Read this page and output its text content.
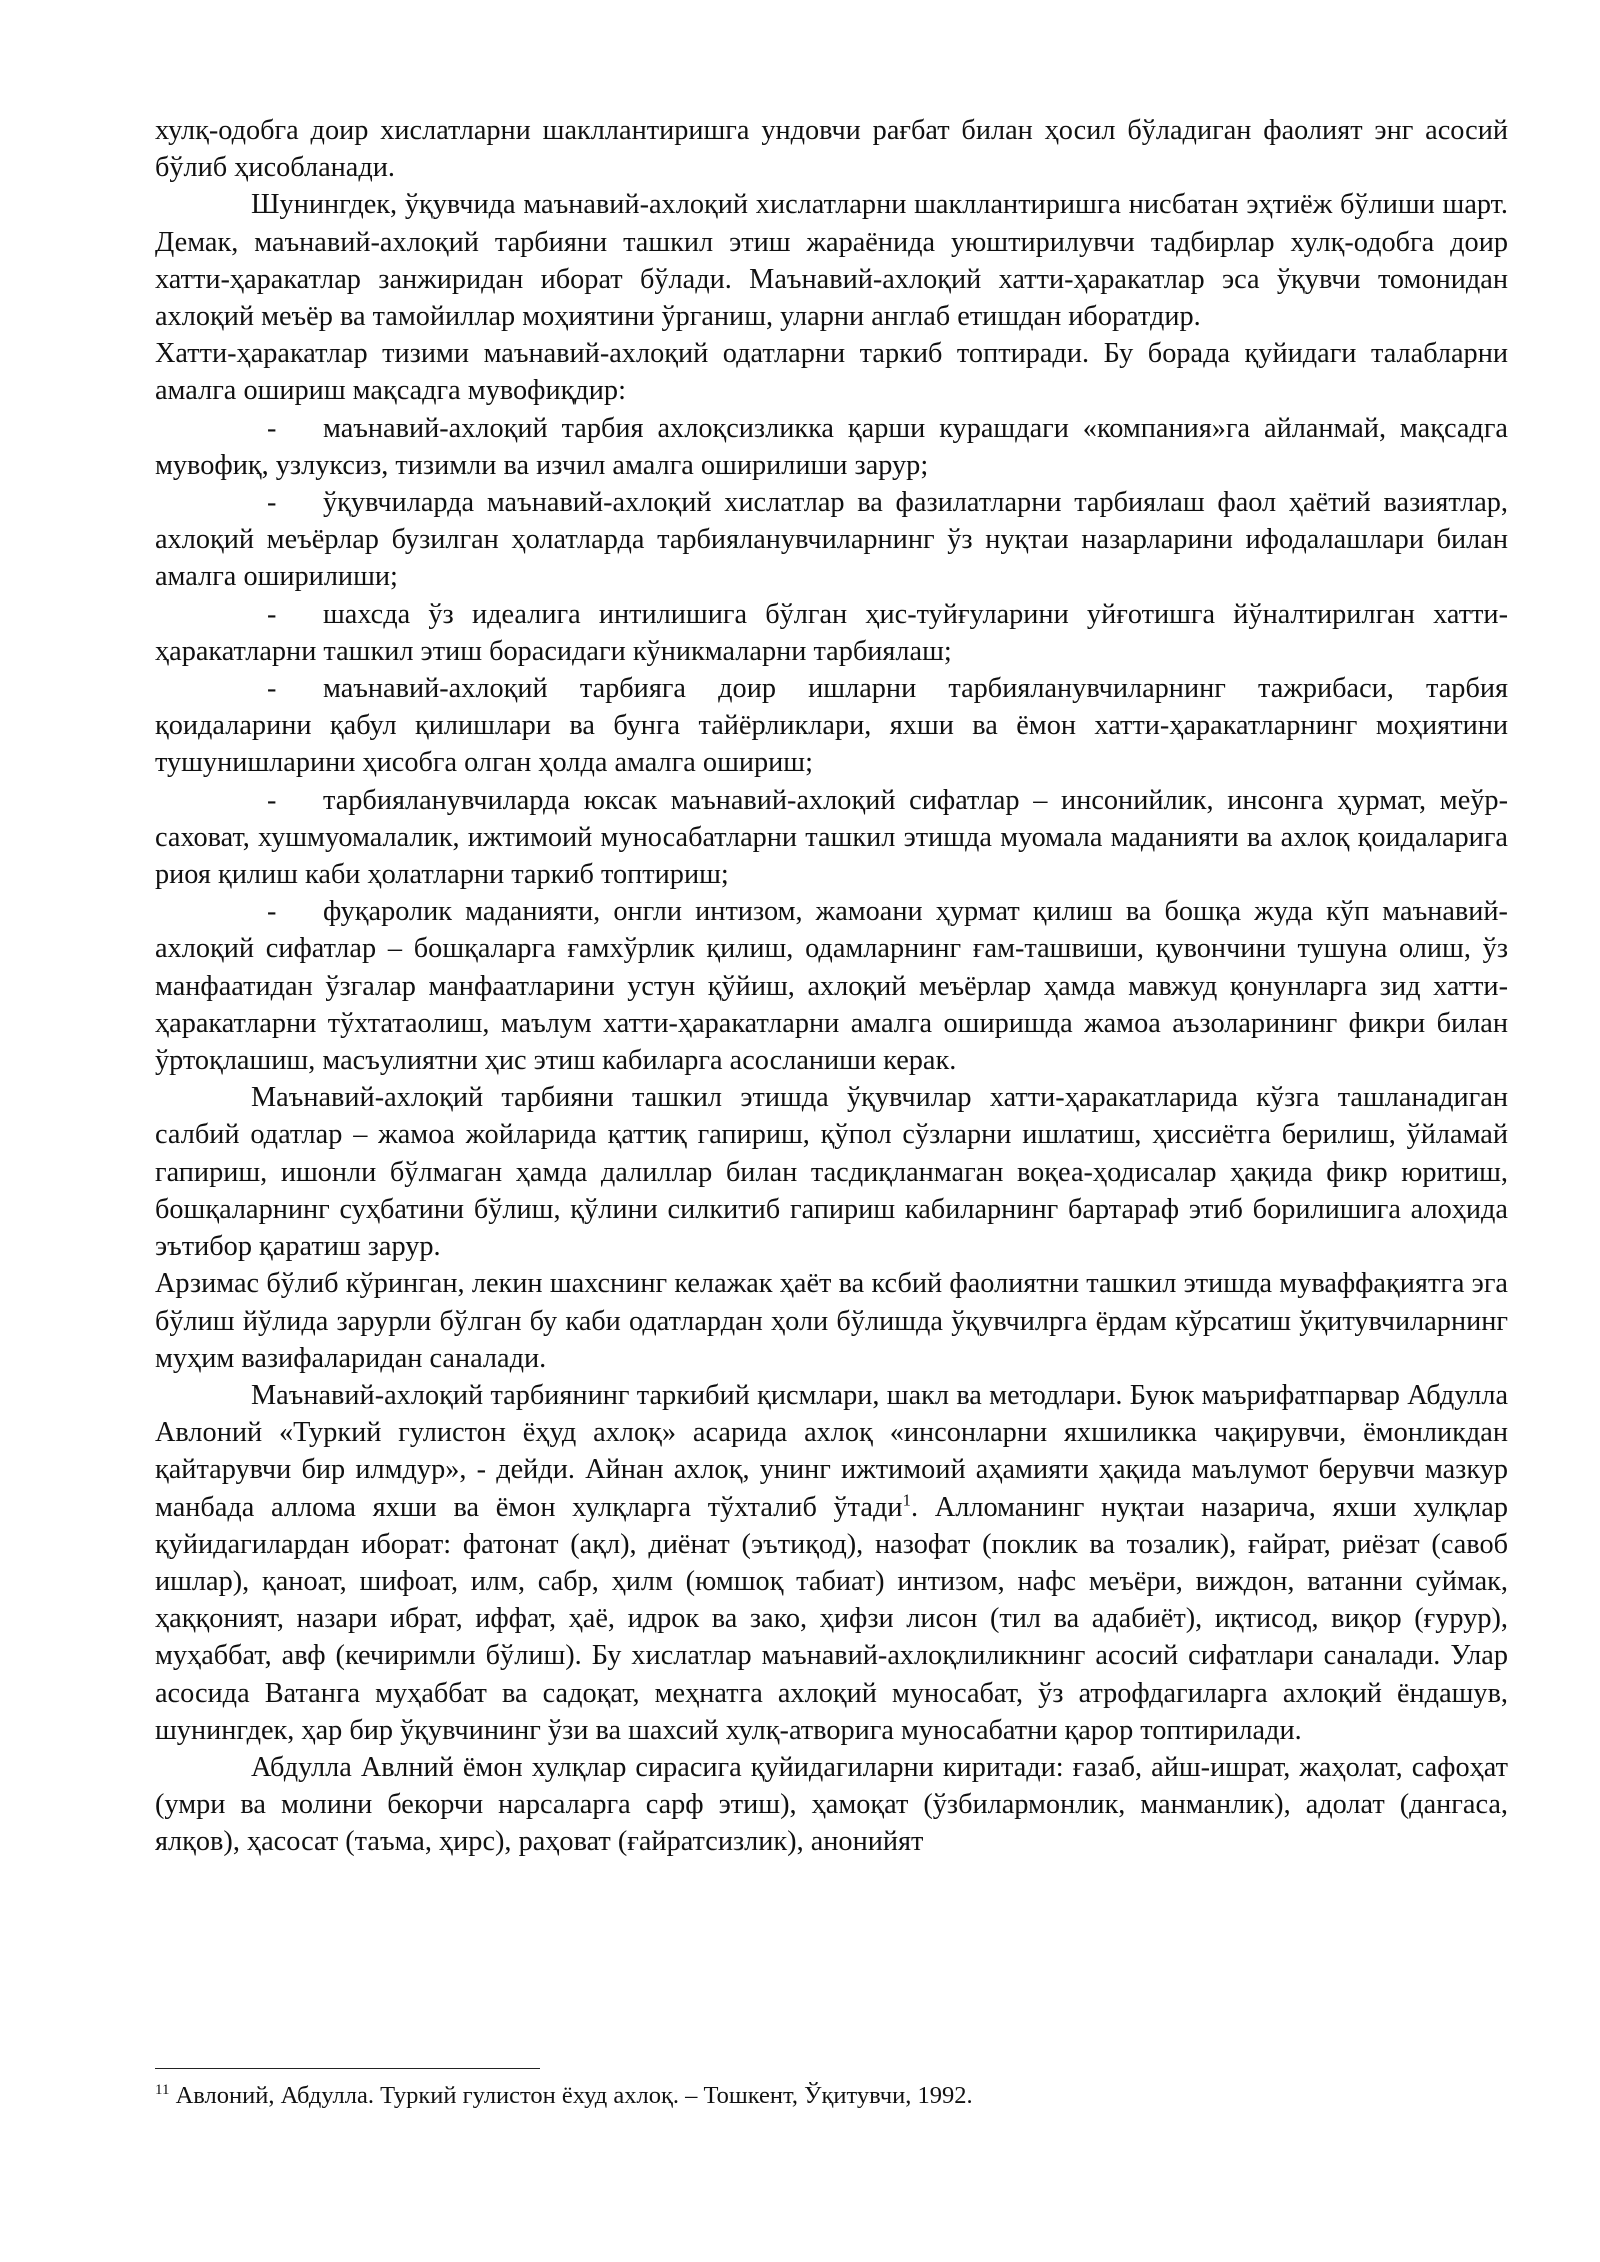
хулқ-одобга доир хислатларни шакллантиришга ундовчи рағбат билан ҳосил бўладиган фаолият энг асосий бўлиб ҳисобланади.

Шунингдек, ўқувчида маънавий-ахлоқий хислатларни шакллантиришга нисбатан эҳтиёж бўлиши шарт. Демак, маънавий-ахлоқий тарбияни ташкил этиш жараёнида уюштирилувчи тадбирлар хулқ-одобга доир хатти-ҳаракатлар занжиридан иборат бўлади. Маънавий-ахлоқий хатти-ҳаракатлар эса ўқувчи томонидан ахлоқий меъёр ва тамойиллар моҳиятини ўрганиш, уларни англаб етишдан иборатдир.

Хатти-ҳаракатлар тизими маънавий-ахлоқий одатларни таркиб топтиради. Бу борада қуйидаги талабларни амалга ошириш мақсадга мувофиқдир:

- маънавий-ахлоқий тарбия ахлоқсизликка қарши курашдаги «компания»га айланмай, мақсадга мувофиқ, узлуксиз, тизимли ва изчил амалга оширилиши зарур;

- ўқувчиларда маънавий-ахлоқий хислатлар ва фазилатларни тарбиялаш фаол ҳаётий вазиятлар, ахлоқий меъёрлар бузилган ҳолатларда тарбияланувчиларнинг ўз нуқтаи назарларини ифодалашлари билан амалга оширилиши;

- шахсда ўз идеалига интилишига бўлган ҳис-туйғуларини уйғотишга йўналтирилган хатти-ҳаракатларни ташкил этиш борасидаги кўникмаларни тарбиялаш;

- маънавий-ахлоқий тарбияга доир ишларни тарбияланувчиларнинг тажрибаси, тарбия қоидаларини қабул қилишлари ва бунга тайёрликлари, яхши ва ёмон хатти-ҳаракатларнинг моҳиятини тушунишларини ҳисобга олган ҳолда амалга ошириш;

- тарбияланувчиларда юксак маънавий-ахлоқий сифатлар – инсонийлик, инсонга ҳурмат, меўр-саховат, хушмуомалалик, ижтимоий муносабатларни ташкил этишда муомала маданияти ва ахлоқ қоидаларига риоя қилиш каби ҳолатларни таркиб топтириш;

- фуқаролик маданияти, онгли интизом, жамоани ҳурмат қилиш ва бошқа жуда кўп маънавий-ахлоқий сифатлар – бошқаларга ғамхўрлик қилиш, одамларнинг ғам-ташвиши, қувончини тушуна олиш, ўз манфаатидан ўзгалар манфаатларини устун қўйиш, ахлоқий меъёрлар ҳамда мавжуд қонунларга зид хатти-ҳаракатларни тўхтатаолиш, маълум хатти-ҳаракатларни амалга оширишда жамоа аъзоларининг фикри билан ўртоқлашиш, масъулиятни ҳис этиш кабиларга асосланиши керак.

Маънавий-ахлоқий тарбияни ташкил этишда ўқувчилар хатти-ҳаракатларида кўзга ташланадиган салбий одатлар – жамоа жойларида қаттиқ гапириш, қўпол сўзларни ишлатиш, ҳиссиётга берилиш, ўйламай гапириш, ишонли бўлмаган ҳамда далиллар билан тасдиқланмаган воқеа-ҳодисалар ҳақида фикр юритиш, бошқаларнинг суҳбатини бўлиш, қўлини силкитиб гапириш кабиларнинг бартараф этиб борилишига алоҳида эътибор қаратиш зарур.

Арзимас бўлиб кўринган, лекин шахснинг келажак ҳаёт ва ксбий фаолиятни ташкил этишда муваффақиятга эга бўлиш йўлида зарурли бўлган бу каби одатлардан ҳоли бўлишда ўқувчилрга ёрдам кўрсатиш ўқитувчиларнинг муҳим вазифаларидан саналади.

Маънавий-ахлоқий тарбиянинг таркибий қисмлари, шакл ва методлари. Буюк маърифатпарвар Абдулла Авлоний «Туркий гулистон ёҳуд ахлоқ» асарида ахлоқ «инсонларни яхшиликка чақирувчи, ёмонликдан қайтарувчи бир илмдур», - дейди. Айнан ахлоқ, унинг ижтимоий аҳамияти ҳақида маълумот берувчи мазкур манбада аллома яхши ва ёмон хулқларга тўхталиб ўтади$^1$. Алломанинг нуқтаи назарича, яхши хулқлар қуйидагилардан иборат: фатонат (ақл), диёнат (эътиқод), назофат (поклик ва тозалик), ғайрат, риёзат (савоб ишлар), қаноат, шифоат, илм, сабр, ҳилм (юмшоқ табиат) интизом, нафс меъёри, виждон, ватанни суймак, ҳаққоният, назари ибрат, иффат, ҳаё, идрок ва зако, ҳифзи лисон (тил ва адабиёт), иқтисод, виқор (ғурур), муҳаббат, авф (кечиримли бўлиш). Бу хислатлар маънавий-ахлоқлиликнинг асосий сифатлари саналади. Улар асосида Ватанга муҳаббат ва садоқат, меҳнатга ахлоқий муносабат, ўз атрофдагиларга ахлоқий ёндашув, шунингдек, ҳар бир ўқувчининг ўзи ва шахсий хулқ-атворига муносабатни қарор топтирилади.

Абдулла Авлний ёмон хулқлар сирасига қуйидагиларни киритади: ғазаб, айш-ишрат, жаҳолат, сафоҳат (умри ва молини бекорчи нарсаларга сарф этиш), ҳамоқат (ўзбилармонлик, манманлик), адолат (дангаса, ялқов), ҳасосат (таъма, ҳирс), раҳоват (ғайратсизлик), анонийят

$^{11}$ Авлоний, Абдулла. Туркий гулистон ёхуд ахлоқ. – Тошкент, Ўқитувчи, 1992.
